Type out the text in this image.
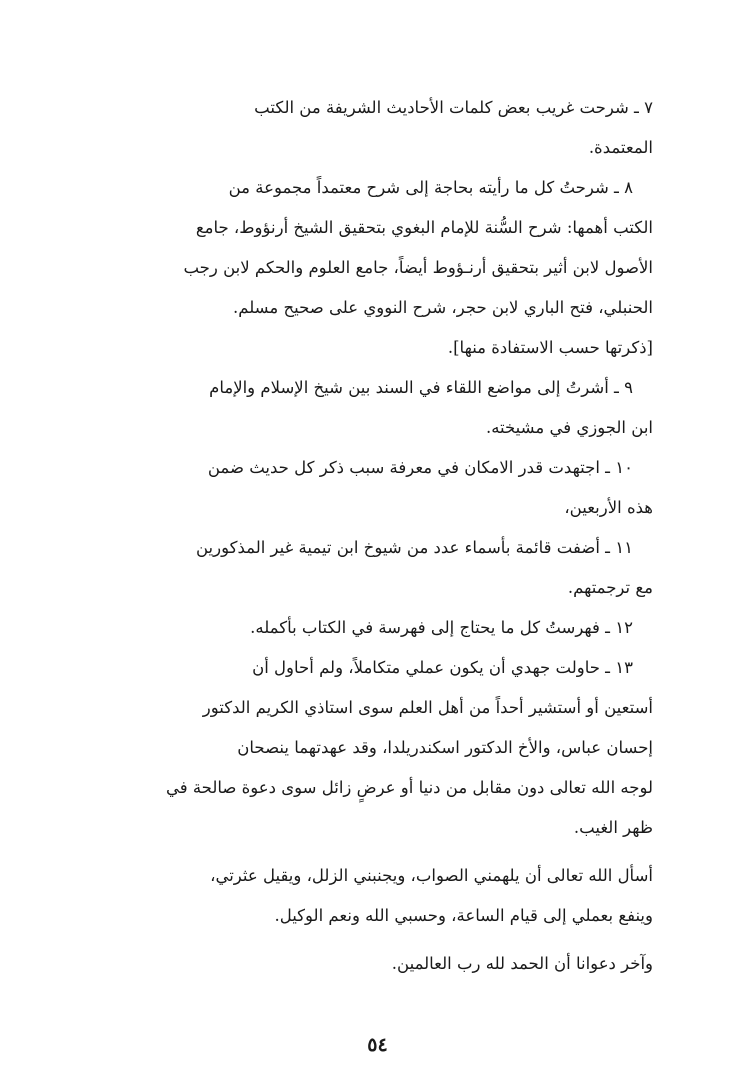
٧ ـ شرحت غريب بعض كلمات الأحاديث الشريفة من الكتب
المعتمدة.
٨ ـ شرحتُ كل ما رأيته بحاجة إلى شرح معتمداً مجموعة من
الكتب أهمها: شرح السُّنة للإمام البغوي بتحقيق الشيخ أرنؤوط، جامع
الأصول لابن أثير بتحقيق أرنـؤوط أيضاً، جامع العلوم والحكم لابن رجب
الحنبلي، فتح الباري لابن حجر، شرح النووي على صحيح مسلم.
[ذكرتها حسب الاستفادة منها].
٩ ـ أشرتُ إلى مواضع اللقاء في السند بين شيخ الإسلام والإمام
ابن الجوزي في مشيخته.
١٠ ـ اجتهدت قدر الامكان في معرفة سبب ذكر كل حديث ضمن
هذه الأربعين،
١١ ـ أضفت قائمة بأسماء عدد من شيوخ ابن تيمية غير المذكورين
مع ترجمتهم.
١٢ ـ فهرستُ كل ما يحتاج إلى فهرسة في الكتاب بأكمله.
١٣ ـ حاولت جهدي أن يكون عملي متكاملاً، ولم أحاول أن
أستعين أو أستشير أحداً من أهل العلم سوى استاذي الكريم الدكتور
إحسان عباس، والأخ الدكتور اسكندريلدا، وقد عهدتهما ينصحان
لوجه الله تعالى دون مقابل من دنيا أو عرضٍ زائل سوى دعوة صالحة في
ظهر الغيب.
أسأل الله تعالى أن يلهمني الصواب، ويجنبني الزلل، ويقيل عثرتي،
وينفع بعملي إلى قيام الساعة، وحسبي الله ونعم الوكيل.
وآخر دعوانا أن الحمد لله رب العالمين.
٥٤
